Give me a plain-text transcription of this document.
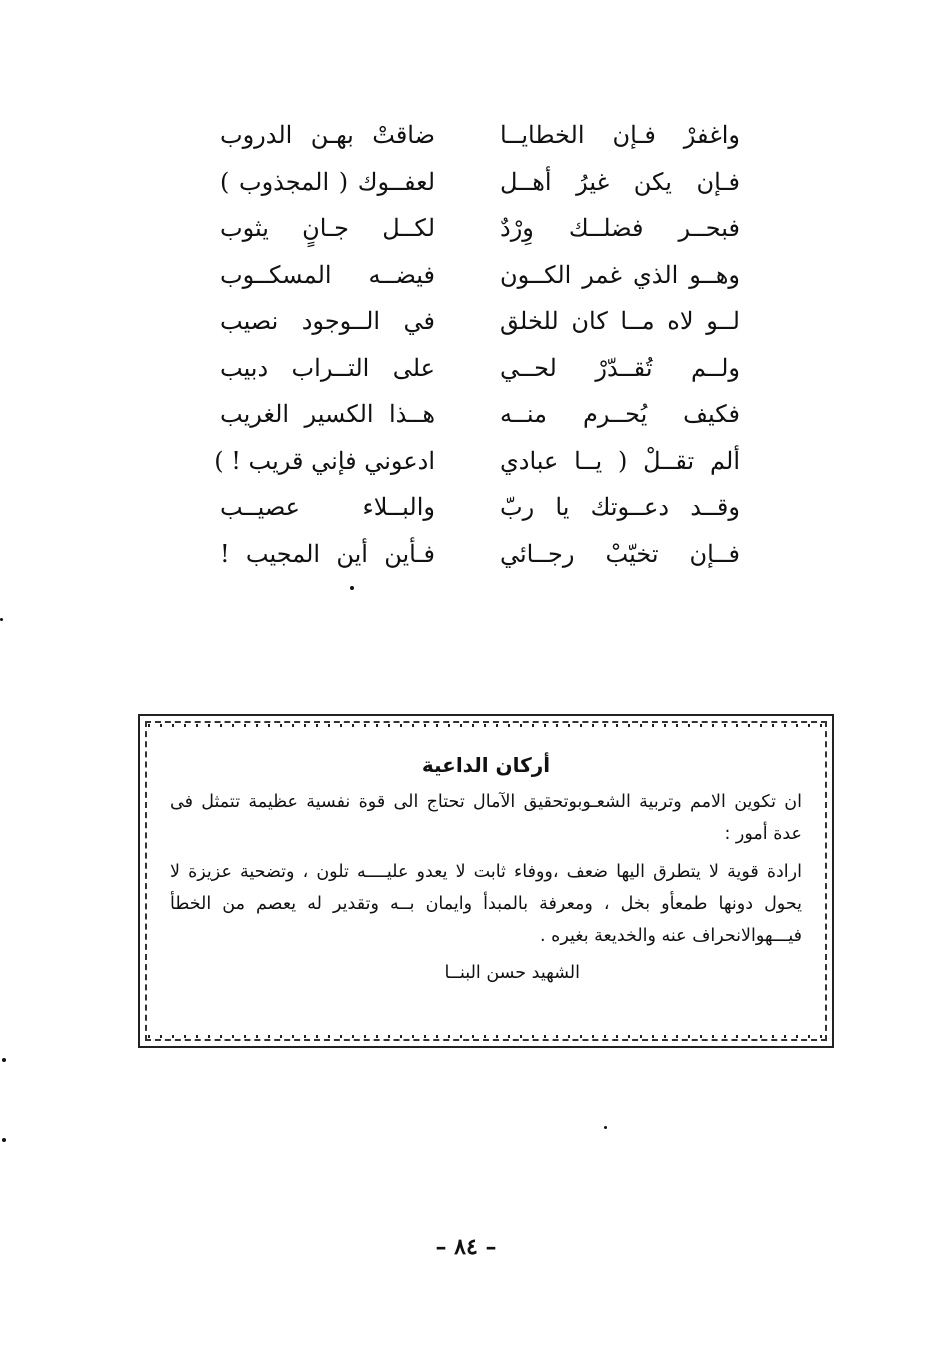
واغفرْ فـإن الخطايــا
ضاقتْ بهـن الدروب
فـإن يكن غيرُ أهــل
لعفــوك ( المجذوب )
فبحــر فضلــك وِرْدٌ
لكــل جـانٍ يثوب
وهــو الذي غمر الكــون
فيضــه المسكــوب
لــو لاه مــا كان للخلق
في الــوجود نصيب
ولــم تُقــدّرْ لحــي
على التــراب دبيب
فكيف يُحــرم منــه
هــذا الكسير الغريب
ألم تقــلْ ( يــا عبادي
ادعوني فإني قريب ! )
وقــد دعــوتك يا ربّ
والبــلاء عصيــب
فــإن تخيّبْ رجــائي
فـأين أين المجيب !
أركان الداعية
ان تكوين الامم وتربية الشعـوبوتحقيق الآمال تحتاج الى قوة نفسية عظيمة تتمثل فى عدة أمور :
ارادة قوية لا يتطرق اليها ضعف ،ووفاء ثابت لا يعدو عليــــه تلون ، وتضحية عزيزة لا يحول دونها طمعأو بخل ، ومعرفة بالمبدأ وايمان بــه وتقدير له يعصم من الخطأ فيـــهوالانحراف عنه والخديعة بغيره .
الشهيد حسن البنــا
– ٨٤ –
